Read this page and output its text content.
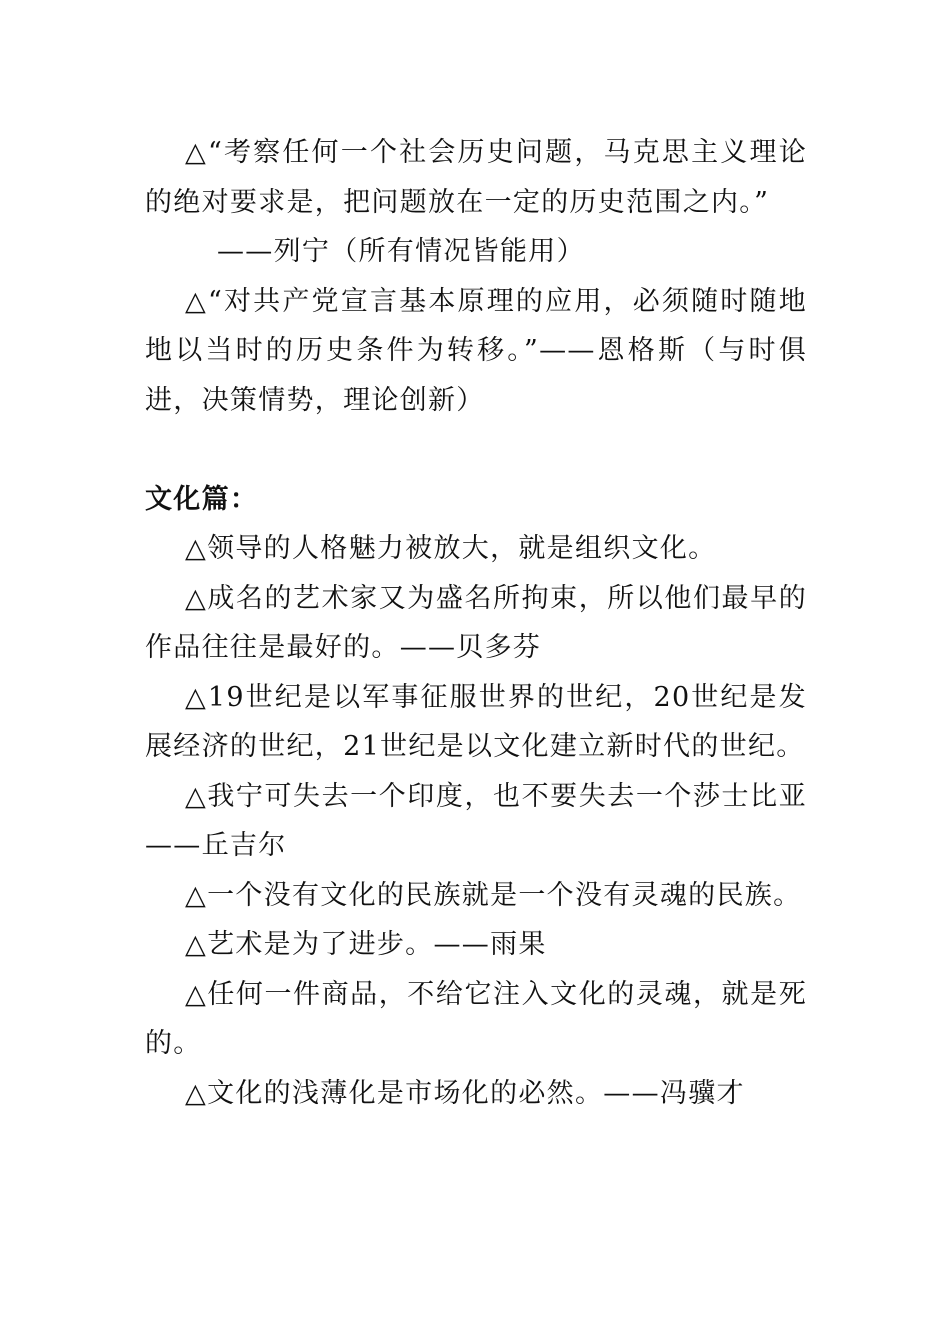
△“考察任何一个社会历史问题，马克思主义理论的绝对要求是，把问题放在一定的历史范围之内。”

——列宁（所有情况皆能用）

△“对共产党宣言基本原理的应用，必须随时随地地以当时的历史条件为转移。”——恩格斯（与时俱进，决策情势，理论创新）

文化篇：

△领导的人格魅力被放大，就是组织文化。

△成名的艺术家又为盛名所拘束，所以他们最早的作品往往是最好的。——贝多芬

△19世纪是以军事征服世界的世纪，20世纪是发展经济的世纪，21世纪是以文化建立新时代的世纪。

△我宁可失去一个印度，也不要失去一个莎士比亚——丘吉尔

△一个没有文化的民族就是一个没有灵魂的民族。

△艺术是为了进步。——雨果

△任何一件商品，不给它注入文化的灵魂，就是死的。

△文化的浅薄化是市场化的必然。——冯骥才
